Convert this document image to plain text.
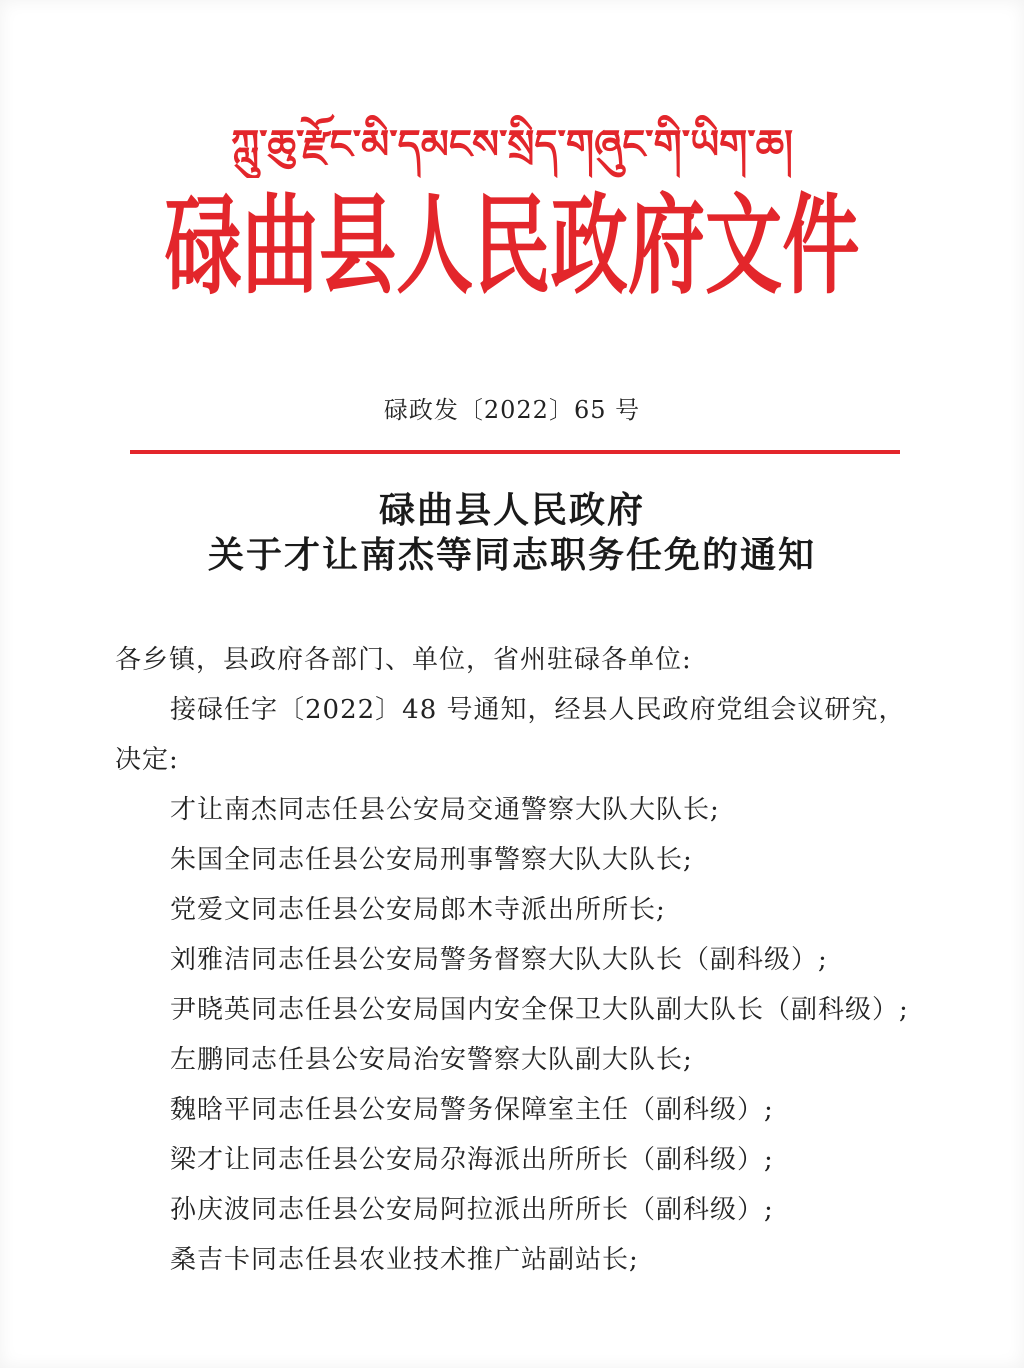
ཀླུ་ཆུ་རྫོང་མི་དམངས་སྲིད་གཞུང་གི་ཡིག་ཆ།
碌曲县人民政府文件
碌政发〔2022〕65 号
碌曲县人民政府
关于才让南杰等同志职务任免的通知
各乡镇，县政府各部门、单位，省州驻碌各单位:
接碌任字〔2022〕48 号通知，经县人民政府党组会议研究，
决定:
才让南杰同志任县公安局交通警察大队大队长;
朱国全同志任县公安局刑事警察大队大队长;
党爱文同志任县公安局郎木寺派出所所长;
刘雅洁同志任县公安局警务督察大队大队长（副科级）;
尹晓英同志任县公安局国内安全保卫大队副大队长（副科级）;
左鹏同志任县公安局治安警察大队副大队长;
魏晗平同志任县公安局警务保障室主任（副科级）;
梁才让同志任县公安局尕海派出所所长（副科级）;
孙庆波同志任县公安局阿拉派出所所长（副科级）;
桑吉卡同志任县农业技术推广站副站长;
